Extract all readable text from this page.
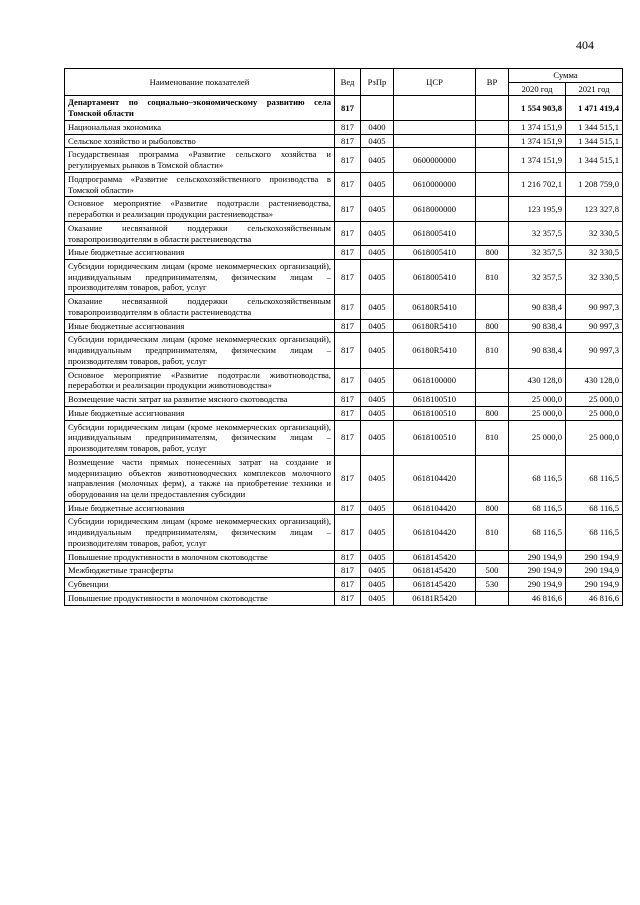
404
Наименование показателей	Вед	РзПр	ЦСР	ВР	Сумма	
					2020 год	2021 год
Департамент по социально–экономическому развитию села Томской области	817				1 554 903,8	1 471 419,4
Национальная экономика	817	0400			1 374 151,9	1 344 515,1
Сельское хозяйство и рыболовство	817	0405			1 374 151,9	1 344 515,1
Государственная программа «Развитие сельского хозяйства и регулируемых рынков в Томской области»	817	0405	0600000000		1 374 151,9	1 344 515,1
Подпрограмма «Развитие сельскохозяйственного производства в Томской области»	817	0405	0610000000		1 216 702,1	1 208 759,0
Основное мероприятие «Развитие подотрасли растениеводства, переработки и реализации продукции растениеводства»	817	0405	0618000000		123 195,9	123 327,8
Оказание несвязанной поддержки сельскохозяйственным товаропроизводителям в области растениеводства	817	0405	0618005410		32 357,5	32 330,5
Иные бюджетные ассигнования	817	0405	0618005410	800	32 357,5	32 330,5
Субсидии юридическим лицам (кроме некоммерческих организаций), индивидуальным предпринимателям, физическим лицам – производителям товаров, работ, услуг	817	0405	0618005410	810	32 357,5	32 330,5
Оказание несвязанной поддержки сельскохозяйственным товаропроизводителям в области растениеводства	817	0405	06180R5410		90 838,4	90 997,3
Иные бюджетные ассигнования	817	0405	06180R5410	800	90 838,4	90 997,3
Субсидии юридическим лицам (кроме некоммерческих организаций), индивидуальным предпринимателям, физическим лицам – производителям товаров, работ, услуг	817	0405	06180R5410	810	90 838,4	90 997,3
Основное мероприятие «Развитие подотрасли животноводства, переработки и реализации продукции животноводства»	817	0405	0618100000		430 128,0	430 128,0
Возмещение части затрат на развитие мясного скотоводства	817	0405	0618100510		25 000,0	25 000,0
Иные бюджетные ассигнования	817	0405	0618100510	800	25 000,0	25 000,0
Субсидии юридическим лицам (кроме некоммерческих организаций), индивидуальным предпринимателям, физическим лицам – производителям товаров, работ, услуг	817	0405	0618100510	810	25 000,0	25 000,0
Возмещение части прямых понесенных затрат на создание и модернизацию объектов животноводческих комплексов молочного направления (молочных ферм), а также на приобретение техники и оборудования на цели предоставления субсидии	817	0405	0618104420		68 116,5	68 116,5
Иные бюджетные ассигнования	817	0405	0618104420	800	68 116,5	68 116,5
Субсидии юридическим лицам (кроме некоммерческих организаций), индивидуальным предпринимателям, физическим лицам – производителям товаров, работ, услуг	817	0405	0618104420	810	68 116,5	68 116,5
Повышение продуктивности в молочном скотоводстве	817	0405	0618145420		290 194,9	290 194,9
Межбюджетные трансферты	817	0405	0618145420	500	290 194,9	290 194,9
Субвенции	817	0405	0618145420	530	290 194,9	290 194,9
Повышение продуктивности в молочном скотоводстве	817	0405	06181R5420		46 816,6	46 816,6
